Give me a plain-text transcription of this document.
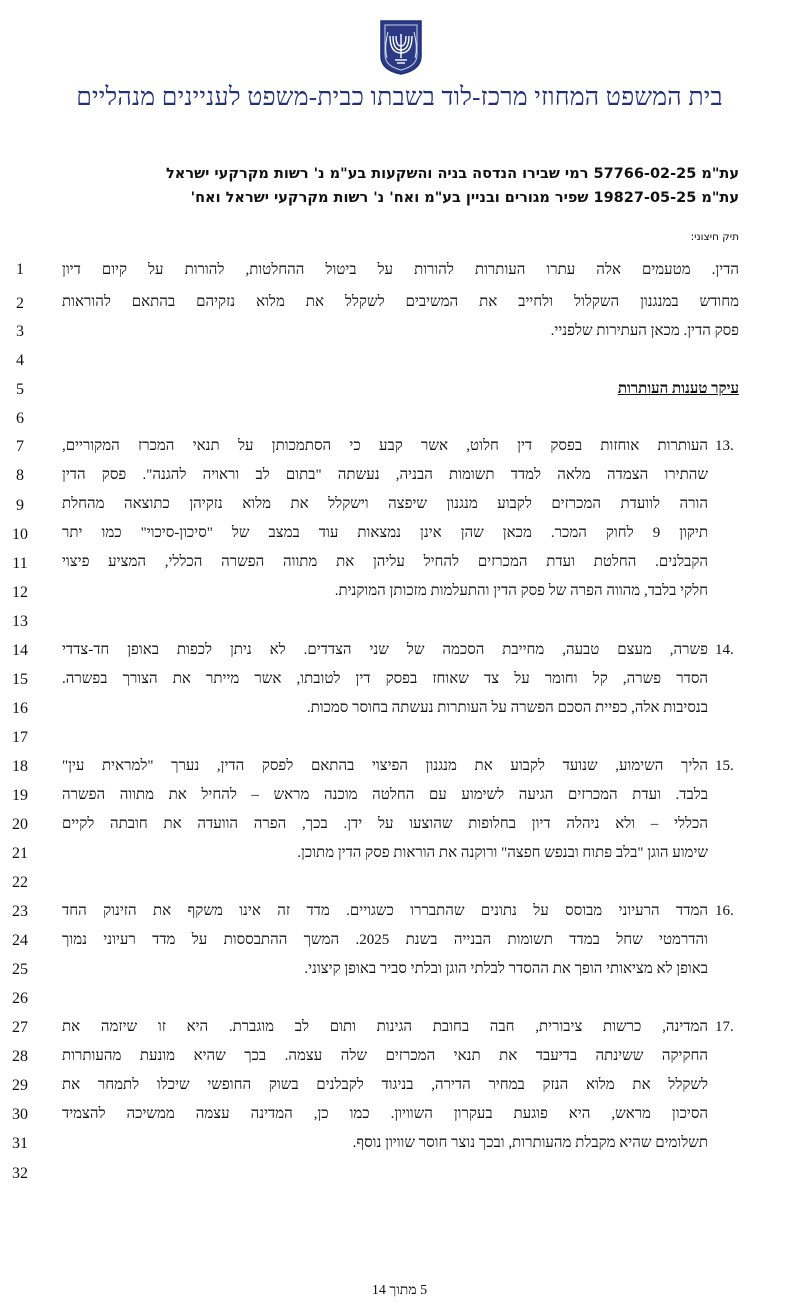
בית המשפט המחוזי מרכז-לוד בשבתו כבית-משפט לעניינים מנהליים
עת"מ 57766-02-25 רמי שבירו הנדסה בניה והשקעות בע"מ נ' רשות מקרקעי ישראל
עת"מ 19827-05-25 שפיר מגורים ובניין בע"מ ואח' נ' רשות מקרקעי ישראל ואח'
תיק חיצוני:
1
2
3
4
5
6
7
8
9
10
11
12
13
14
15
16
17
18
19
20
21
22
23
24
25
26
27
28
29
30
31
32
הדין. מטעמים אלה עתרו העותרות להורות על ביטול ההחלטות, להורות על קיום דיון
מחודש במנגנון השקלול ולחייב את המשיבים לשקלל את מלוא נזקיהם בהתאם להוראות
פסק הדין. מכאן העתירות שלפניי.
עיקר טענות העותרות
13.
העותרות אוחזות בפסק דין חלוט, אשר קבע כי הסתמכותן על תנאי המכרז המקוריים,
שהתירו הצמדה מלאה למדד תשומות הבניה, נעשתה "בתום לב וראויה להגנה". פסק הדין
הורה לוועדת המכרזים לקבוע מנגנון שיפצה וישקלל את מלוא נזקיהן כתוצאה מהחלת
תיקון 9 לחוק המכר. מכאן שהן אינן נמצאות עוד במצב של "סיכון-סיכוי" כמו יתר
הקבלנים. החלטת ועדת המכרזים להחיל עליהן את מתווה הפשרה הכללי, המציע פיצוי
חלקי בלבד, מהווה הפרה של פסק הדין והתעלמות מזכותן המוקנית.
14.
פשרה, מעצם טבעה, מחייבת הסכמה של שני הצדדים. לא ניתן לכפות באופן חד-צדדי
הסדר פשרה, קל וחומר על צד שאוחז בפסק דין לטובתו, אשר מייתר את הצורך בפשרה.
בנסיבות אלה, כפיית הסכם הפשרה על העותרות נעשתה בחוסר סמכות.
15.
הליך השימוע, שנועד לקבוע את מנגנון הפיצוי בהתאם לפסק הדין, נערך "למראית עין"
בלבד. ועדת המכרזים הגיעה לשימוע עם החלטה מוכנה מראש – להחיל את מתווה הפשרה
הכללי – ולא ניהלה דיון בחלופות שהוצעו על ידן. בכך, הפרה הוועדה את חובתה לקיים
שימוע הוגן "בלב פתוח ובנפש חפצה" ורוקנה את הוראות פסק הדין מתוכן.
16.
המדד הרעיוני מבוסס על נתונים שהתבררו כשגויים. מדד זה אינו משקף את הזינוק החד
והדרמטי שחל במדד תשומות הבנייה בשנת 2025. המשך ההתבססות על מדד רעיוני נמוך
באופן לא מציאותי הופך את ההסדר לבלתי הוגן ובלתי סביר באופן קיצוני.
17.
המדינה, כרשות ציבורית, חבה בחובת הגינות ותום לב מוגברת. היא זו שיזמה את
החקיקה ששינתה בדיעבד את תנאי המכרזים שלה עצמה. בכך שהיא מונעת מהעותרות
לשקלל את מלוא הנזק במחיר הדירה, בניגוד לקבלנים בשוק החופשי שיכלו לתמחר את
הסיכון מראש, היא פוגעת בעקרון השוויון. כמו כן, המדינה עצמה ממשיכה להצמיד
תשלומים שהיא מקבלת מהעותרות, ובכך נוצר חוסר שוויון נוסף.
5 מתוך 14
